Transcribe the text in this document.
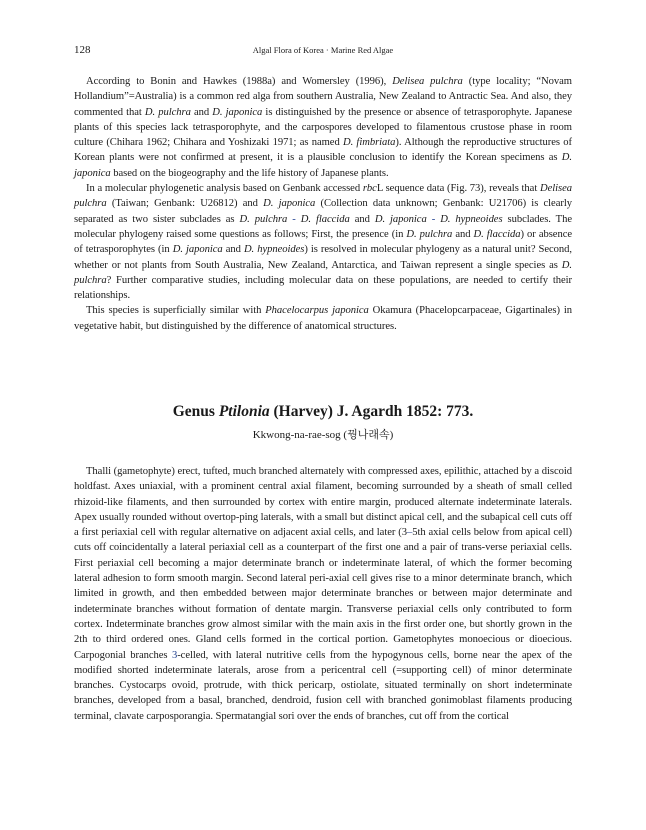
128	Algal Flora of Korea · Marine Red Algae

According to Bonin and Hawkes (1988a) and Womersley (1996), Delisea pulchra (type locality; “Novam Hollandium”=Australia) is a common red alga from southern Australia, New Zealand to Antractic Sea. And also, they commented that D. pulchra and D. japonica is distinguished by the presence or absence of tetrasporophyte. Japanese plants of this species lack tetrasporophyte, and the carpospores developed to filamentous crustose phase in room culture (Chihara 1962; Chihara and Yoshizaki 1971; as named D. fimbriata). Although the reproductive structures of Korean plants were not confirmed at present, it is a plausible conclusion to identify the Korean specimens as D. japonica based on the biogeography and the life history of Japanese plants.

In a molecular phylogenetic analysis based on Genbank accessed rbcL sequence data (Fig. 73), reveals that Delisea pulchra (Taiwan; Genbank: U26812) and D. japonica (Collection data unknown; Genbank: U21706) is clearly separated as two sister subclades as D. pulchra - D. flaccida and D. japonica - D. hypneoides subclades. The molecular phylogeny raised some questions as follows; First, the presence (in D. pulchra and D. flaccida) or absence of tetrasporophytes (in D. japonica and D. hypneoides) is resolved in molecular phylogeny as a natural unit? Second, whether or not plants from South Australia, New Zealand, Antarctica, and Taiwan represent a single species as D. pulchra? Further comparative studies, including molecular data on these populations, are needed to certify their relationships.

This species is superficially similar with Phacelocarpus japonica Okamura (Phacelopcarpaceae, Gigartinales) in vegetative habit, but distinguished by the difference of anatomical structures.

Genus Ptilonia (Harvey) J. Agardh 1852: 773.

Kkwong-na-rae-sog (꿩나래속)

Thalli (gametophyte) erect, tufted, much branched alternately with compressed axes, epilithic, attached by a discoid holdfast. Axes uniaxial, with a prominent central axial filament, becoming surrounded by a sheath of small celled rhizoid-like filaments, and then surrounded by cortex with entire margin, produced alternate indeterminate laterals. Apex usually rounded without overtop-ping laterals, with a small but distinct apical cell, and the subapical cell cuts off a first periaxial cell with regular alternative on adjacent axial cells, and later (3–5th axial cells below from apical cell) cuts off coincidentally a lateral periaxial cell as a counterpart of the first one and a pair of trans-verse periaxial cells. First periaxial cell becoming a major determinate branch or indeterminate lateral, of which the former becoming lateral adhesion to form smooth margin. Second lateral peri-axial cell gives rise to a minor determinate branch, which limited in growth, and then embedded between major determinate branches or between major determinate and indeterminate branches without formation of dentate margin. Transverse periaxial cells only contributed to form cortex. Indeterminate branches grow almost similar with the main axis in the first order one, but shortly grown in the 2th to third ordered ones. Gland cells formed in the cortical portion. Gametophytes monoecious or dioecious. Carpogonial branches 3-celled, with lateral nutritive cells from the hypogynous cells, borne near the apex of the modified shorted indeterminate laterals, arose from a pericentral cell (=supporting cell) of minor determinate branches. Cystocarps ovoid, protrude, with thick pericarp, ostiolate, situated terminally on short indeterminate branches, developed from a basal, branched, dendroid, fusion cell with branched gonimoblast filaments producing terminal, clavate carposporangia. Spermatangial sori over the ends of branches, cut off from the cortical
